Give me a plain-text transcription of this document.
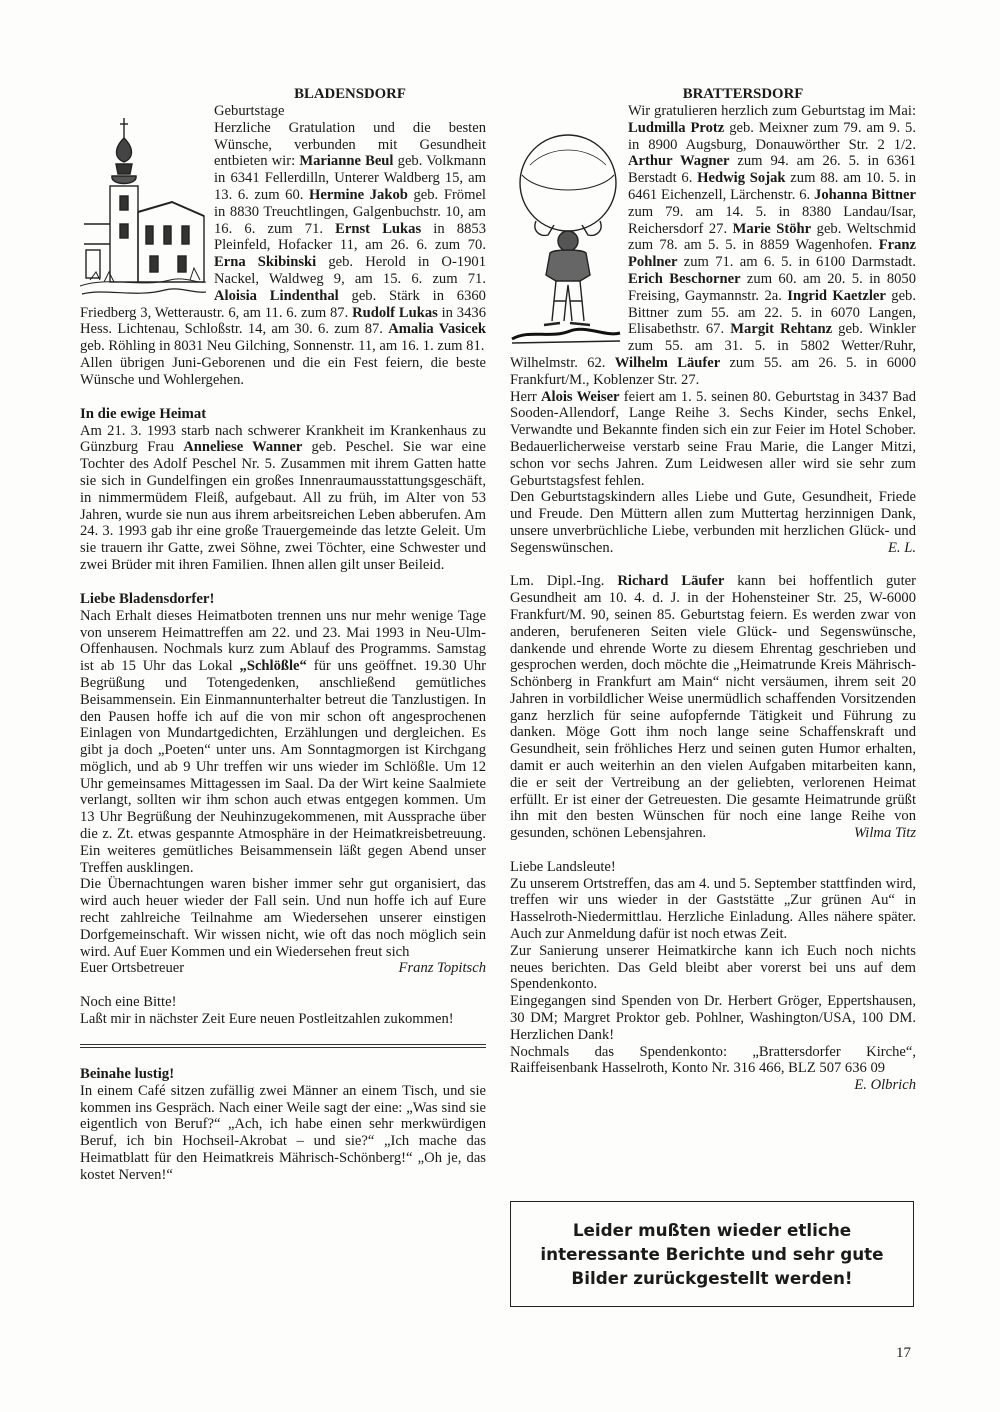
BLADENSDORF

Geburtstage

Herzliche Gratulation und die besten Wünsche, verbunden mit Gesundheit entbieten wir: Marianne Beul geb. Volkmann in 6341 Fellerdilln, Unterer Waldberg 15, am 13. 6. zum 60. Hermine Jakob geb. Frömel in 8830 Treuchtlingen, Galgenbuchstr. 10, am 16. 6. zum 71. Ernst Lukas in 8853 Pleinfeld, Hofacker 11, am 26. 6. zum 70. Erna Skibinski geb. Herold in O-1901 Nackel, Waldweg 9, am 15. 6. zum 71. Aloisia Lindenthal geb. Stärk in 6360 Friedberg 3, Wetteraustr. 6, am 11. 6. zum 87. Rudolf Lukas in 3436 Hess. Lichtenau, Schloßstr. 14, am 30. 6. zum 87. Amalia Vasicek geb. Röhling in 8031 Neu Gilching, Sonnenstr. 11, am 16. 1. zum 81.

Allen übrigen Juni-Geborenen und die ein Fest feiern, die beste Wünsche und Wohlergehen.

In die ewige Heimat

Am 21. 3. 1993 starb nach schwerer Krankheit im Krankenhaus zu Günzburg Frau Anneliese Wanner geb. Peschel. Sie war eine Tochter des Adolf Peschel Nr. 5. Zusammen mit ihrem Gatten hatte sie sich in Gundelfingen ein großes Innenraumausstattungsgeschäft, in nimmermüdem Fleiß, aufgebaut. All zu früh, im Alter von 53 Jahren, wurde sie nun aus ihrem arbeitsreichen Leben abberufen. Am 24. 3. 1993 gab ihr eine große Trauergemeinde das letzte Geleit. Um sie trauern ihr Gatte, zwei Söhne, zwei Töchter, eine Schwester und zwei Brüder mit ihren Familien. Ihnen allen gilt unser Beileid.

Liebe Bladensdorfer!

Nach Erhalt dieses Heimatboten trennen uns nur mehr wenige Tage von unserem Heimattreffen am 22. und 23. Mai 1993 in Neu-Ulm-Offenhausen. Nochmals kurz zum Ablauf des Programms. Samstag ist ab 15 Uhr das Lokal „Schlößle“ für uns geöffnet. 19.30 Uhr Begrüßung und Totengedenken, anschließend gemütliches Beisammensein. Ein Einmannunterhalter betreut die Tanzlustigen. In den Pausen hoffe ich auf die von mir schon oft angesprochenen Einlagen von Mundartgedichten, Erzählungen und dergleichen. Es gibt ja doch „Poeten“ unter uns. Am Sonntagmorgen ist Kirchgang möglich, und ab 9 Uhr treffen wir uns wieder im Schlößle. Um 12 Uhr gemeinsames Mittagessen im Saal. Da der Wirt keine Saalmiete verlangt, sollten wir ihm schon auch etwas entgegen kommen. Um 13 Uhr Begrüßung der Neuhinzugekommenen, mit Aussprache über die z. Zt. etwas gespannte Atmosphäre in der Heimatkreisbetreuung. Ein weiteres gemütliches Beisammensein läßt gegen Abend unser Treffen ausklingen.

Die Übernachtungen waren bisher immer sehr gut organisiert, das wird auch heuer wieder der Fall sein. Und nun hoffe ich auf Eure recht zahlreiche Teilnahme am Wiedersehen unserer einstigen Dorfgemeinschaft. Wir wissen nicht, wie oft das noch möglich sein wird. Auf Euer Kommen und ein Wiedersehen freut sich

Euer Ortsbetreuer	Franz Topitsch

Noch eine Bitte!

Laßt mir in nächster Zeit Eure neuen Postleitzahlen zukommen!

Beinahe lustig!

In einem Café sitzen zufällig zwei Männer an einem Tisch, und sie kommen ins Gespräch. Nach einer Weile sagt der eine: „Was sind sie eigentlich von Beruf?“ „Ach, ich habe einen sehr merkwürdigen Beruf, ich bin Hochseil-Akrobat – und sie?“ „Ich mache das Heimatblatt für den Heimatkreis Mährisch-Schönberg!“ „Oh je, das kostet Nerven!“

BRATTERSDORF

Wir gratulieren herzlich zum Geburtstag im Mai: Ludmilla Protz geb. Meixner zum 79. am 9. 5. in 8900 Augsburg, Donauwörther Str. 2 1/2. Arthur Wagner zum 94. am 26. 5. in 6361 Berstadt 6. Hedwig Sojak zum 88. am 10. 5. in 6461 Eichenzell, Lärchenstr. 6. Johanna Bittner zum 79. am 14. 5. in 8380 Landau/Isar, Reichersdorf 27. Marie Stöhr geb. Weltschmid zum 78. am 5. 5. in 8859 Wagenhofen. Franz Pohlner zum 71. am 6. 5. in 6100 Darmstadt. Erich Beschorner zum 60. am 20. 5. in 8050 Freising, Gaymannstr. 2a. Ingrid Kaetzler geb. Bittner zum 55. am 22. 5. in 6070 Langen, Elisabethstr. 67. Margit Rehtanz geb. Winkler zum 55. am 31. 5. in 5802 Wetter/Ruhr, Wilhelmstr. 62. Wilhelm Läufer zum 55. am 26. 5. in 6000 Frankfurt/M., Koblenzer Str. 27.

Herr Alois Weiser feiert am 1. 5. seinen 80. Geburtstag in 3437 Bad Sooden-Allendorf, Lange Reihe 3. Sechs Kinder, sechs Enkel, Verwandte und Bekannte finden sich ein zur Feier im Hotel Schober. Bedauerlicherweise verstarb seine Frau Marie, die Langer Mitzi, schon vor sechs Jahren. Zum Leidwesen aller wird sie sehr zum Geburtstagsfest fehlen.

Den Geburtstagskindern alles Liebe und Gute, Gesundheit, Friede und Freude. Den Müttern allen zum Muttertag herzinnigen Dank, unsere unverbrüchliche Liebe, verbunden mit herzlichen Glück- und Segenswünschen.	E. L.

Lm. Dipl.-Ing. Richard Läufer kann bei hoffentlich guter Gesundheit am 10. 4. d. J. in der Hohensteiner Str. 25, W-6000 Frankfurt/M. 90, seinen 85. Geburtstag feiern. Es werden zwar von anderen, berufeneren Seiten viele Glück- und Segenswünsche, dankende und ehrende Worte zu diesem Ehrentag geschrieben und gesprochen werden, doch möchte die „Heimatrunde Kreis Mährisch-Schönberg in Frankfurt am Main“ nicht versäumen, ihrem seit 20 Jahren in vorbildlicher Weise unermüdlich schaffenden Vorsitzenden ganz herzlich für seine aufopfernde Tätigkeit und Führung zu danken. Möge Gott ihm noch lange seine Schaffenskraft und Gesundheit, sein fröhliches Herz und seinen guten Humor erhalten, damit er auch weiterhin an den vielen Aufgaben mitarbeiten kann, die er seit der Vertreibung an der geliebten, verlorenen Heimat erfüllt. Er ist einer der Getreuesten. Die gesamte Heimatrunde grüßt ihn mit den besten Wünschen für noch eine lange Reihe von gesunden, schönen Lebensjahren.	Wilma Titz

Liebe Landsleute!

Zu unserem Ortstreffen, das am 4. und 5. September stattfinden wird, treffen wir uns wieder in der Gaststätte „Zur grünen Au“ in Hasselroth-Niedermittlau. Herzliche Einladung. Alles nähere später. Auch zur Anmeldung dafür ist noch etwas Zeit.

Zur Sanierung unserer Heimatkirche kann ich Euch noch nichts neues berichten. Das Geld bleibt aber vorerst bei uns auf dem Spendenkonto.

Eingegangen sind Spenden von Dr. Herbert Gröger, Eppertshausen, 30 DM; Margret Proktor geb. Pohlner, Washington/USA, 100 DM. Herzlichen Dank!

Nochmals das Spendenkonto: „Brattersdorfer Kirche“, Raiffeisenbank Hasselroth, Konto Nr. 316 466, BLZ 507 636 09

E. Olbrich

Leider mußten wieder etliche interessante Berichte und sehr gute Bilder zurückgestellt werden!
17
